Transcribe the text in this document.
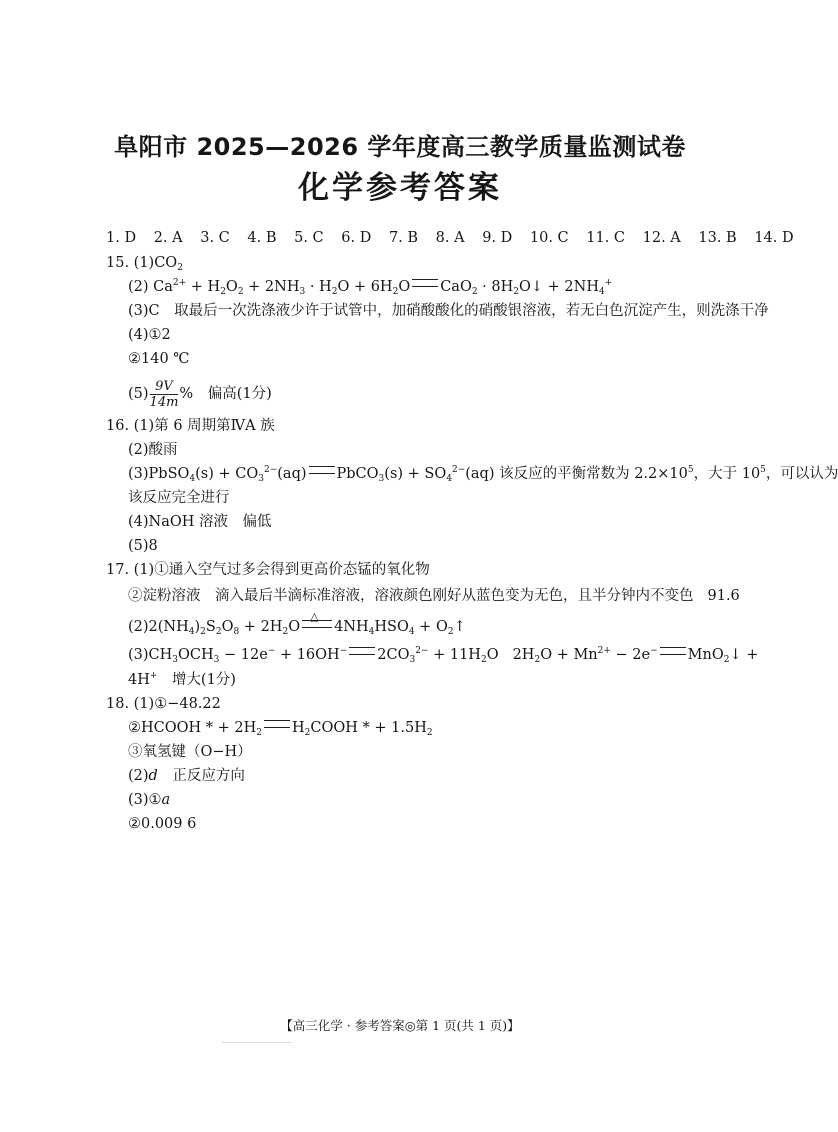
阜阳市 2025—2026 学年度高三教学质量监测试卷
化学参考答案
1. D 2. A 3. C 4. B 5. C 6. D 7. B 8. A 9. D 10. C 11. C 12. A 13. B 14. D
15. $(1)CO_2$
(2) $Ca^{2+} + H_2O_2 + 2NH_3 \cdot H_2O + 6H_2O$ $CaO_2 \cdot 8H_2O↓ + 2NH_4^+$
(3)C　取最后一次洗涤液少许于试管中，加硝酸酸化的硝酸银溶液，若无白色沉淀产生，则洗涤干净
(4)①2
②140 ℃
$(5) \frac{9V}{14m}$ %　偏高(1分)
16. (1)第 6 周期第ⅣA 族
(2)酸雨
(3)PbSO$_4$(s) + $CO_3^{2-}(aq)$ PbCO$_3$(s) + $SO_4^{2-}(aq)$ 该反应的平衡常数为 $2.2\times 10^5$，大于 $10^5$，可以认为
该反应完全进行
(4)NaOH 溶液　偏低
(5)8
17. (1)①通入空气过多会得到更高价态锰的氧化物
②淀粉溶液　滴入最后半滴标准溶液，溶液颜色刚好从蓝色变为无色，且半分钟内不变色 91.6
$(2)2(NH_4)_2S_2O_8 + 2H_2O$
△
$4NH_4HSO_4$ + $O_2↑$
$(3)CH_3OCH_3 - 12e^- + 16OH^-$ $2CO_3^{2-} + 11H_2O$ $2H_2O + Mn^{2+} - 2e^-$ MnO$_2$↓ +
4H+　增大(1分)
18. (1)①−48.22
②HCOOH * + $2H_2$ $H_2COOH$ * + $1.5H_2$
③氧氢键（O−H）
(2)d　正反应方向
(3)①a
②0.009 6
【高三化学 · 参考答案◎第 1 页(共 1 页)】
